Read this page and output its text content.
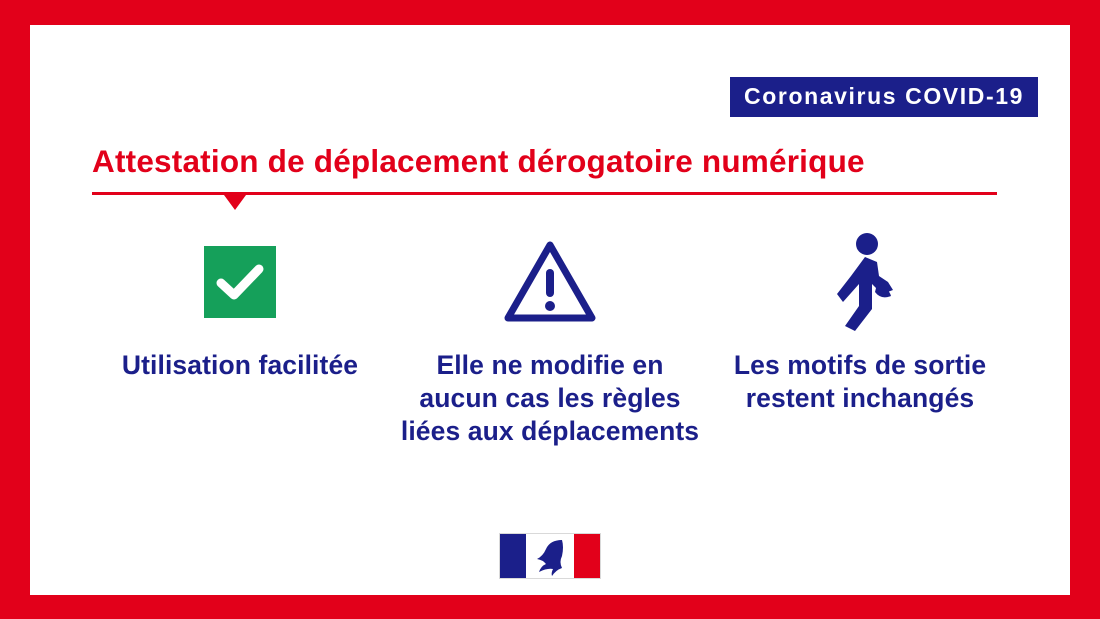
Coronavirus COVID-19
Attestation de déplacement dérogatoire numérique
Utilisation facilitée	Elle ne modifie en aucun cas les règles liées aux déplacements
Les motifs de sortie restent inchangés
